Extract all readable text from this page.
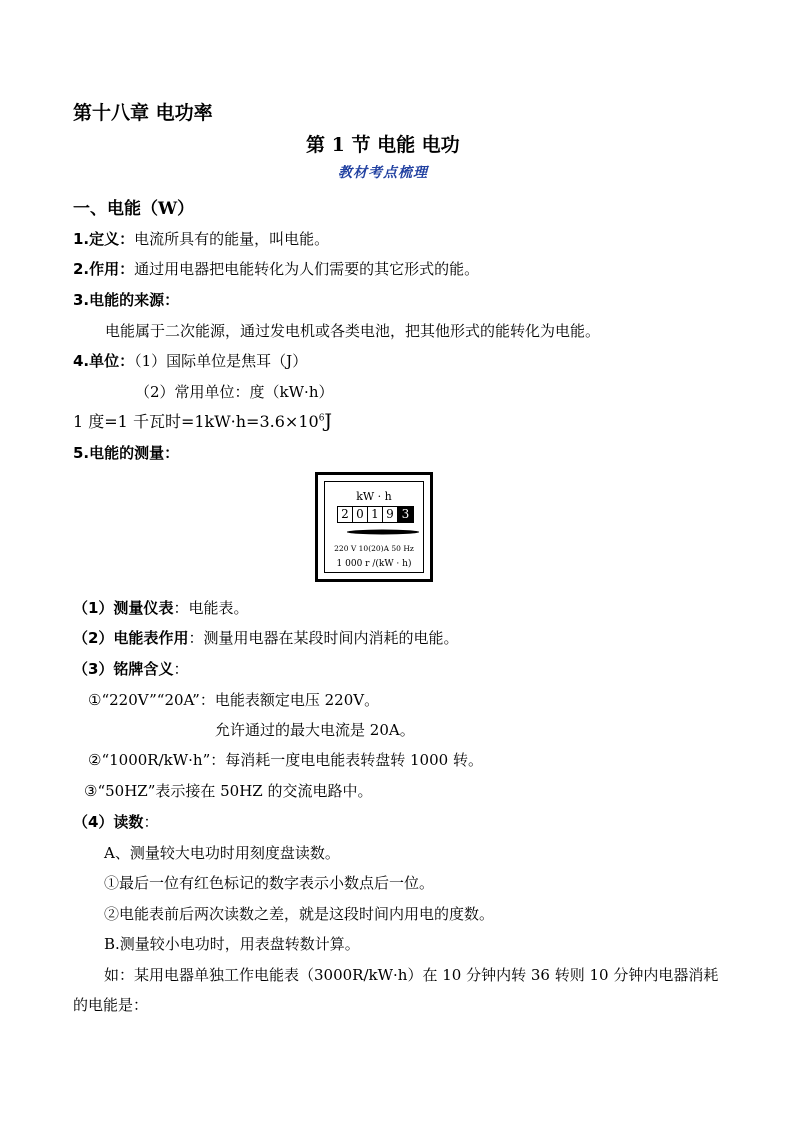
第十八章 电功率
第 1 节 电能 电功
教材考点梳理
一、电能（W）
1.定义：电流所具有的能量，叫电能。
2.作用：通过用电器把电能转化为人们需要的其它形式的能。
3.电能的来源：
电能属于二次能源，通过发电机或各类电池，把其他形式的能转化为电能。
4.单位：（1）国际单位是焦耳（J）
（2）常用单位：度（kW·h）
1 度=1 千瓦时$=1kW\cdot h=3.6\times 10^6J$
5.电能的测量：
kW · h
2 0 1 9 3
220 V 10(20)A 50 Hz
1 000 r /(kW · h)
（1）测量仪表：电能表。
（2）电能表作用：测量用电器在某段时间内消耗的电能。
（3）铭牌含义：
①“220V”“20A”：电能表额定电压 220V。
允许通过的最大电流是 20A。
②“1000R/kW·h”：每消耗一度电电能表转盘转 1000 转。
③“50HZ”表示接在 50HZ 的交流电路中。
（4）读数：
A、测量较大电功时用刻度盘读数。
①最后一位有红色标记的数字表示小数点后一位。
②电能表前后两次读数之差，就是这段时间内用电的度数。
B.测量较小电功时，用表盘转数计算。
如：某用电器单独工作电能表（3000R/kW·h）在 10 分钟内转 36 转则 10 分钟内电器消耗
的电能是：
